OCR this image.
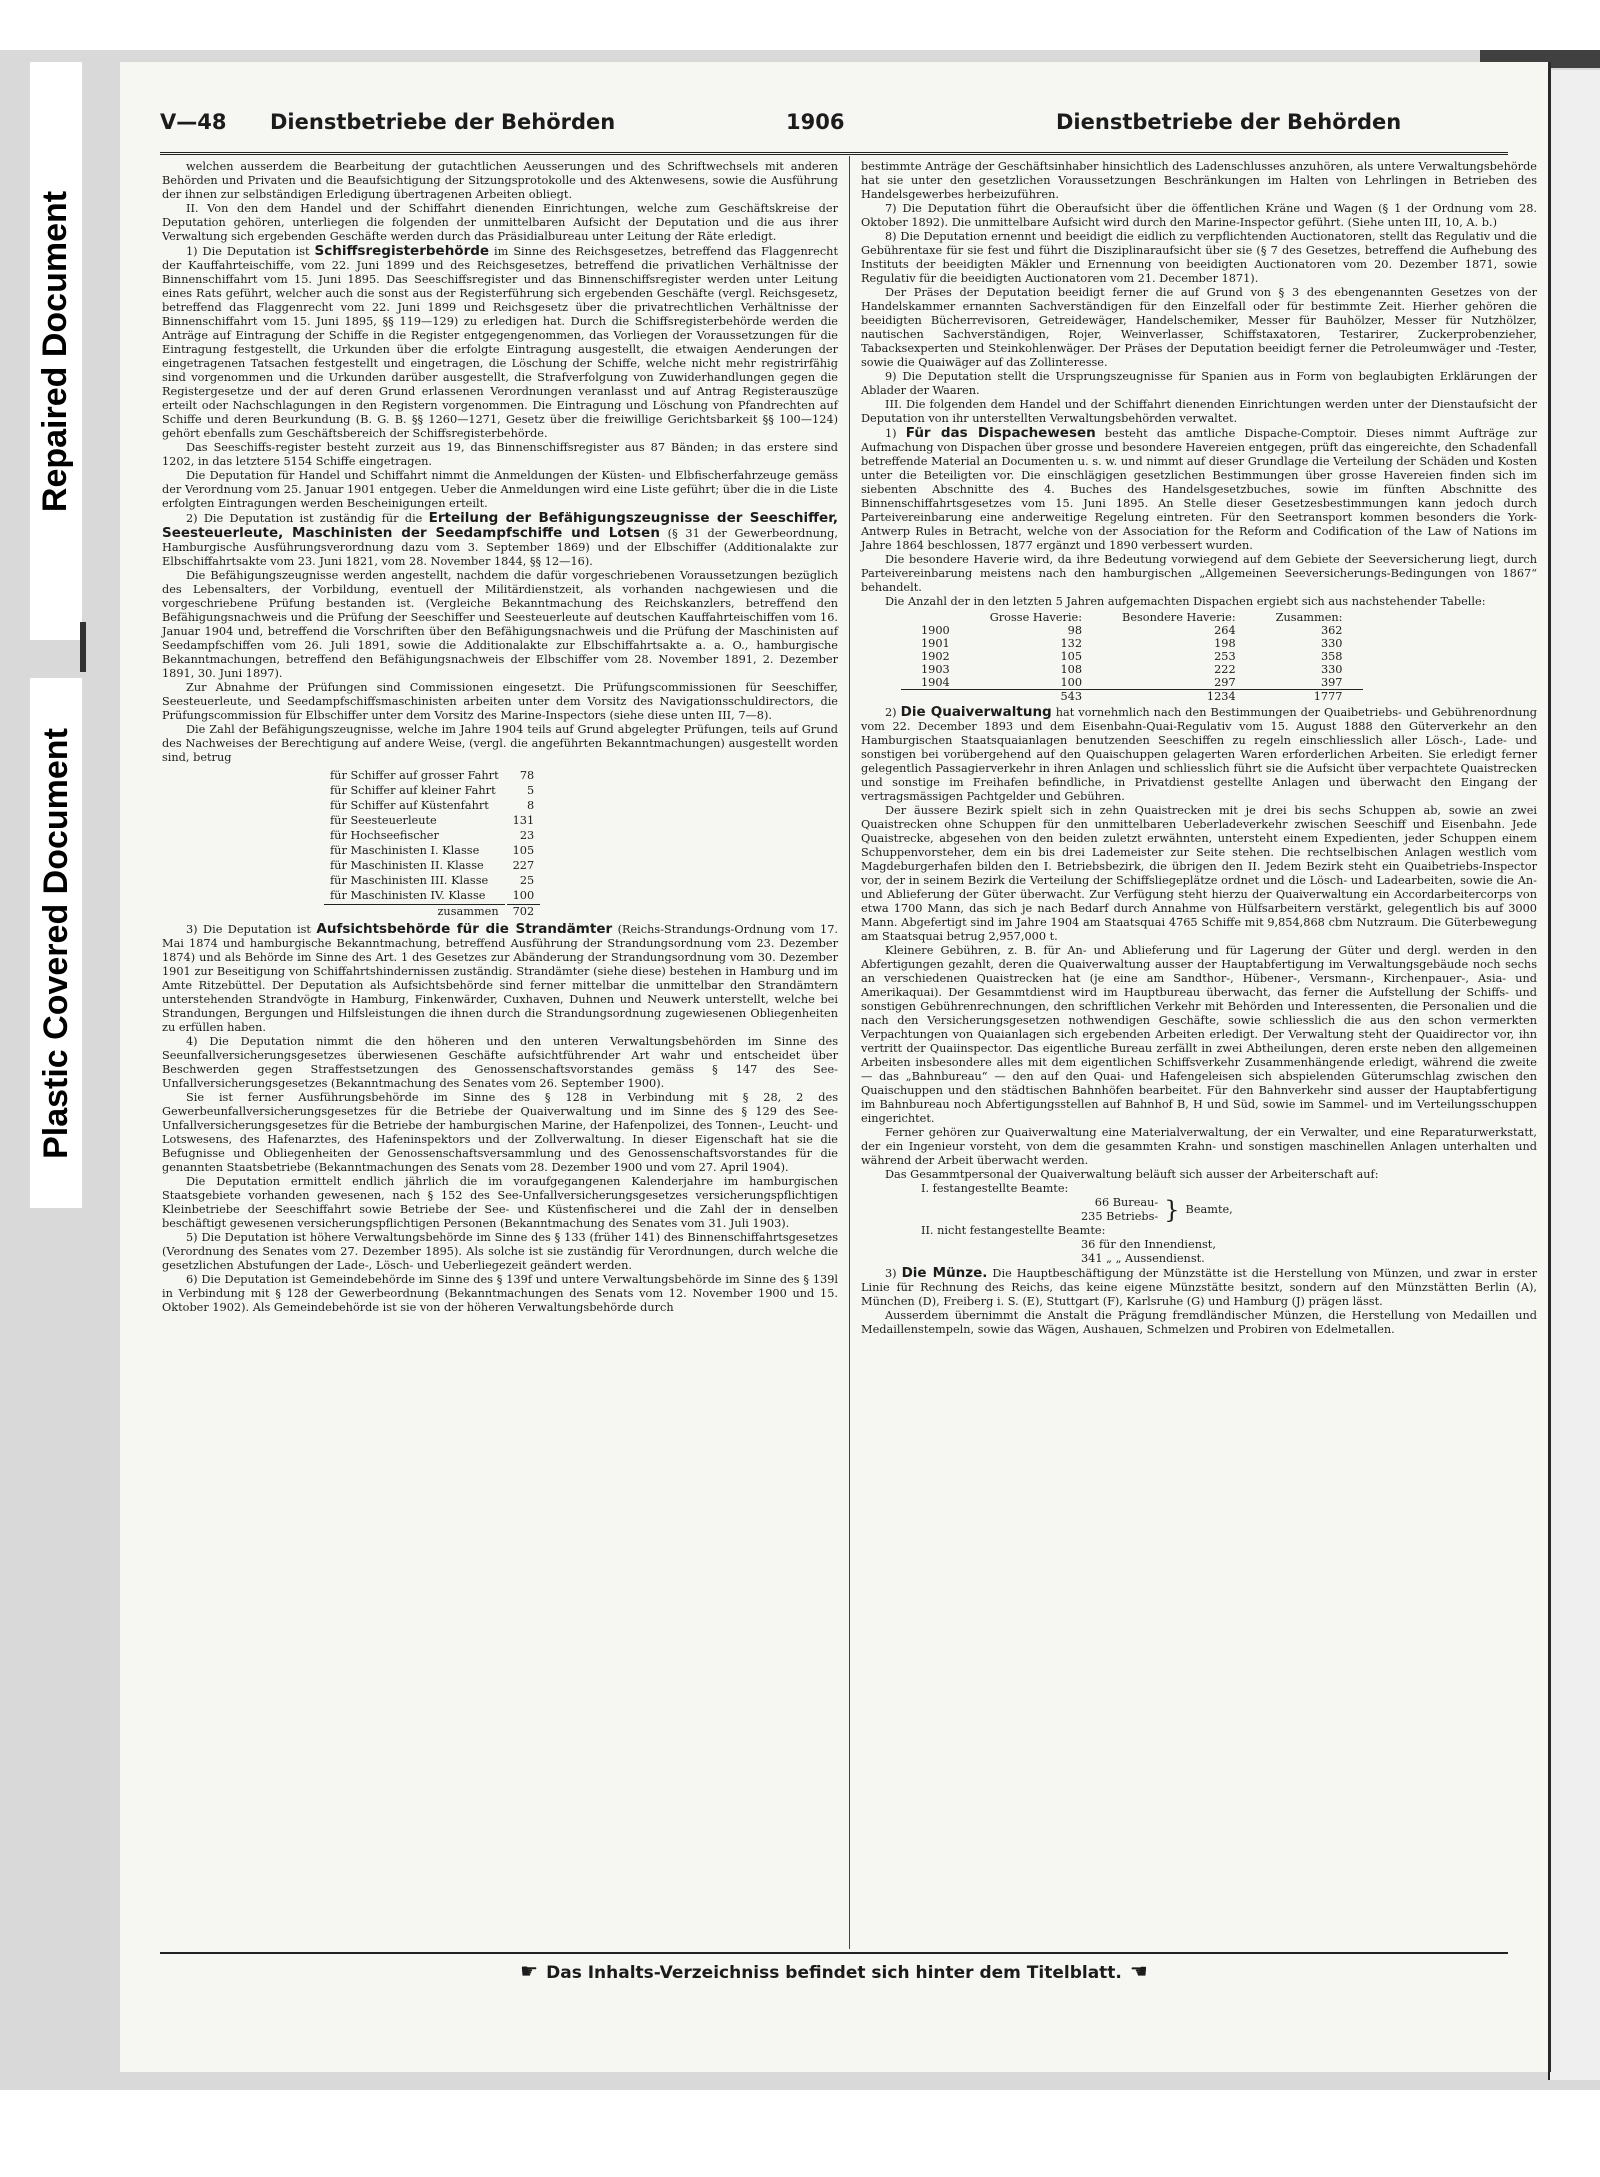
Repaired Document
Plastic Covered Document
V—48 Dienstbetriebe der Behörden	1906	Dienstbetriebe der Behörden

welchen ausserdem die Bearbeitung der gutachtlichen Aeusserungen und des Schriftwechsels mit anderen Behörden und Privaten und die Beaufsichtigung der Sitzungsprotokolle und des Aktenwesens, sowie die Ausführung der ihnen zur selbständigen Erledigung übertragenen Arbeiten obliegt.

II. Von den dem Handel und der Schiffahrt dienenden Einrichtungen, welche zum Geschäftskreise der Deputation gehören, unterliegen die folgenden der unmittelbaren Aufsicht der Deputation und die aus ihrer Verwaltung sich ergebenden Geschäfte werden durch das Präsidialbureau unter Leitung der Räte erledigt.

1) Die Deputation ist Schiffsregisterbehörde im Sinne des Reichsgesetzes, betreffend das Flaggenrecht der Kauffahrteischiffe, vom 22. Juni 1899 und des Reichsgesetzes, betreffend die privatlichen Verhältnisse der Binnenschiffahrt vom 15. Juni 1895. Das Seeschiffsregister und das Binnenschiffsregister werden unter Leitung eines Rats geführt, welcher auch die sonst aus der Registerführung sich ergebenden Geschäfte (vergl. Reichsgesetz, betreffend das Flaggenrecht vom 22. Juni 1899 und Reichsgesetz über die privatrechtlichen Verhältnisse der Binnenschiffahrt vom 15. Juni 1895, §§ 119—129) zu erledigen hat. Durch die Schiffsregisterbehörde werden die Anträge auf Eintragung der Schiffe in die Register entgegengenommen, das Vorliegen der Voraussetzungen für die Eintragung festgestellt, die Urkunden über die erfolgte Eintragung ausgestellt, die etwaigen Aenderungen der eingetragenen Tatsachen festgestellt und eingetragen, die Löschung der Schiffe, welche nicht mehr registrirfähig sind vorgenommen und die Urkunden darüber ausgestellt, die Strafverfolgung von Zuwiderhandlungen gegen die Registergesetze und der auf deren Grund erlassenen Verordnungen veranlasst und auf Antrag Registerauszüge erteilt oder Nachschlagungen in den Registern vorgenommen. Die Eintragung und Löschung von Pfandrechten auf Schiffe und deren Beurkundung (B. G. B. §§ 1260—1271, Gesetz über die freiwillige Gerichtsbarkeit §§ 100—124) gehört ebenfalls zum Geschäftsbereich der Schiffsregisterbehörde.

Das Seeschiffs-register besteht zurzeit aus 19, das Binnenschiffsregister aus 87 Bänden; in das erstere sind 1202, in das letztere 5154 Schiffe eingetragen.

Die Deputation für Handel und Schiffahrt nimmt die Anmeldungen der Küsten- und Elbfischerfahrzeuge gemäss der Verordnung vom 25. Januar 1901 entgegen. Ueber die Anmeldungen wird eine Liste geführt; über die in die Liste erfolgten Eintragungen werden Bescheinigungen erteilt.

2) Die Deputation ist zuständig für die Erteilung der Befähigungszeugnisse der Seeschiffer, Seesteuerleute, Maschinisten der Seedampfschiffe und Lotsen (§ 31 der Gewerbeordnung, Hamburgische Ausführungsverordnung dazu vom 3. September 1869) und der Elbschiffer (Additionalakte zur Elbschiffahrtsakte vom 23. Juni 1821, vom 28. November 1844, §§ 12—16).

Die Befähigungszeugnisse werden angestellt, nachdem die dafür vorgeschriebenen Voraussetzungen bezüglich des Lebensalters, der Vorbildung, eventuell der Militärdienstzeit, als vorhanden nachgewiesen und die vorgeschriebene Prüfung bestanden ist. (Vergleiche Bekanntmachung des Reichskanzlers, betreffend den Befähigungsnachweis und die Prüfung der Seeschiffer und Seesteuerleute auf deutschen Kauffahrteischiffen vom 16. Januar 1904 und, betreffend die Vorschriften über den Befähigungsnachweis und die Prüfung der Maschinisten auf Seedampfschiffen vom 26. Juli 1891, sowie die Additionalakte zur Elbschiffahrtsakte a. a. O., hamburgische Bekanntmachungen, betreffend den Befähigungsnachweis der Elbschiffer vom 28. November 1891, 2. Dezember 1891, 30. Juni 1897).

Zur Abnahme der Prüfungen sind Commissionen eingesetzt. Die Prüfungscommissionen für Seeschiffer, Seesteuerleute, und Seedampfschiffsmaschinisten arbeiten unter dem Vorsitz des Navigationsschuldirectors, die Prüfungscommission für Elbschiffer unter dem Vorsitz des Marine-Inspectors (siehe diese unten III, 7—8).

Die Zahl der Befähigungszeugnisse, welche im Jahre 1904 teils auf Grund abgelegter Prüfungen, teils auf Grund des Nachweises der Berechtigung auf andere Weise, (vergl. die angeführten Bekanntmachungen) ausgestellt worden sind, betrug

für Schiffer auf grosser Fahrt	78
für Schiffer auf kleiner Fahrt	5
für Schiffer auf Küstenfahrt	8
für Seesteuerleute	131
für Hochseefischer	23
für Maschinisten I. Klasse	105
für Maschinisten II. Klasse	227
für Maschinisten III. Klasse	25
für Maschinisten IV. Klasse	100
zusammen	702

3) Die Deputation ist Aufsichtsbehörde für die Strandämter (Reichs-Strandungs-Ordnung vom 17. Mai 1874 und hamburgische Bekanntmachung, betreffend Ausführung der Strandungsordnung vom 23. Dezember 1874) und als Behörde im Sinne des Art. 1 des Gesetzes zur Abänderung der Strandungsordnung vom 30. Dezember 1901 zur Beseitigung von Schiffahrtshindernissen zuständig. Strandämter (siehe diese) bestehen in Hamburg und im Amte Ritzebüttel. Der Deputation als Aufsichtsbehörde sind ferner mittelbar die unmittelbar den Strandämtern unterstehenden Strandvögte in Hamburg, Finkenwärder, Cuxhaven, Duhnen und Neuwerk unterstellt, welche bei Strandungen, Bergungen und Hilfsleistungen die ihnen durch die Strandungsordnung zugewiesenen Obliegenheiten zu erfüllen haben.

4) Die Deputation nimmt die den höheren und den unteren Verwaltungsbehörden im Sinne des Seeunfallversicherungsgesetzes überwiesenen Geschäfte aufsichtführender Art wahr und entscheidet über Beschwerden gegen Straffestsetzungen des Genossenschaftsvorstandes gemäss § 147 des See-Unfallversicherungsgesetzes (Bekanntmachung des Senates vom 26. September 1900).

Sie ist ferner Ausführungsbehörde im Sinne des § 128 in Verbindung mit § 28, 2 des Gewerbeunfallversicherungsgesetzes für die Betriebe der Quaiverwaltung und im Sinne des § 129 des See-Unfallversicherungsgesetzes für die Betriebe der hamburgischen Marine, der Hafenpolizei, des Tonnen-, Leucht- und Lotswesens, des Hafenarztes, des Hafeninspektors und der Zollverwaltung. In dieser Eigenschaft hat sie die Befugnisse und Obliegenheiten der Genossenschaftsversammlung und des Genossenschaftsvorstandes für die genannten Staatsbetriebe (Bekanntmachungen des Senats vom 28. Dezember 1900 und vom 27. April 1904).

Die Deputation ermittelt endlich jährlich die im voraufgegangenen Kalenderjahre im hamburgischen Staatsgebiete vorhanden gewesenen, nach § 152 des See-Unfallversicherungsgesetzes versicherungspflichtigen Kleinbetriebe der Seeschiffahrt sowie Betriebe der See- und Küstenfischerei und die Zahl der in denselben beschäftigt gewesenen versicherungspflichtigen Personen (Bekanntmachung des Senates vom 31. Juli 1903).

5) Die Deputation ist höhere Verwaltungsbehörde im Sinne des § 133 (früher 141) des Binnenschiffahrtsgesetzes (Verordnung des Senates vom 27. Dezember 1895). Als solche ist sie zuständig für Verordnungen, durch welche die gesetzlichen Abstufungen der Lade-, Lösch- und Ueberliegezeit geändert werden.

6) Die Deputation ist Gemeindebehörde im Sinne des § 139f und untere Verwaltungsbehörde im Sinne des § 139l in Verbindung mit § 128 der Gewerbeordnung (Bekanntmachungen des Senats vom 12. November 1900 und 15. Oktober 1902). Als Gemeindebehörde ist sie von der höheren Verwaltungsbehörde durch

bestimmte Anträge der Geschäftsinhaber hinsichtlich des Ladenschlusses anzuhören, als untere Verwaltungsbehörde hat sie unter den gesetzlichen Voraussetzungen Beschränkungen im Halten von Lehrlingen in Betrieben des Handelsgewerbes herbeizuführen.

7) Die Deputation führt die Oberaufsicht über die öffentlichen Kräne und Wagen (§ 1 der Ordnung vom 28. Oktober 1892). Die unmittelbare Aufsicht wird durch den Marine-Inspector geführt. (Siehe unten III, 10, A. b.)

8) Die Deputation ernennt und beeidigt die eidlich zu verpflichtenden Auctionatoren, stellt das Regulativ und die Gebührentaxe für sie fest und führt die Disziplinaraufsicht über sie (§ 7 des Gesetzes, betreffend die Aufhebung des Instituts der beeidigten Mäkler und Ernennung von beeidigten Auctionatoren vom 20. Dezember 1871, sowie Regulativ für die beeidigten Auctionatoren vom 21. December 1871).

Der Präses der Deputation beeidigt ferner die auf Grund von § 3 des ebengenannten Gesetzes von der Handelskammer ernannten Sachverständigen für den Einzelfall oder für bestimmte Zeit. Hierher gehören die beeidigten Bücherrevisoren, Getreidewäger, Handelschemiker, Messer für Bauhölzer, Messer für Nutzhölzer, nautischen Sachverständigen, Rojer, Weinverlasser, Schiffstaxatoren, Testarirer, Zuckerprobenzieher, Tabacksexperten und Steinkohlenwäger. Der Präses der Deputation beeidigt ferner die Petroleumwäger und -Tester, sowie die Quaiwäger auf das Zollinteresse.

9) Die Deputation stellt die Ursprungszeugnisse für Spanien aus in Form von beglaubigten Erklärungen der Ablader der Waaren.

III. Die folgenden dem Handel und der Schiffahrt dienenden Einrichtungen werden unter der Dienstaufsicht der Deputation von ihr unterstellten Verwaltungsbehörden verwaltet.

1) Für das Dispachewesen besteht das amtliche Dispache-Comptoir. Dieses nimmt Aufträge zur Aufmachung von Dispachen über grosse und besondere Havereien entgegen, prüft das eingereichte, den Schadenfall betreffende Material an Documenten u. s. w. und nimmt auf dieser Grundlage die Verteilung der Schäden und Kosten unter die Beteiligten vor. Die einschlägigen gesetzlichen Bestimmungen über grosse Havereien finden sich im siebenten Abschnitte des 4. Buches des Handelsgesetzbuches, sowie im fünften Abschnitte des Binnenschiffahrtsgesetzes vom 15. Juni 1895. An Stelle dieser Gesetzesbestimmungen kann jedoch durch Parteivereinbarung eine anderweitige Regelung eintreten. Für den Seetransport kommen besonders die York-Antwerp Rules in Betracht, welche von der Association for the Reform and Codification of the Law of Nations im Jahre 1864 beschlossen, 1877 ergänzt und 1890 verbessert wurden.

Die besondere Haverie wird, da ihre Bedeutung vorwiegend auf dem Gebiete der Seeversicherung liegt, durch Parteivereinbarung meistens nach den hamburgischen „Allgemeinen Seeversicherungs-Bedingungen von 1867“ behandelt.

Die Anzahl der in den letzten 5 Jahren aufgemachten Dispachen ergiebt sich aus nachstehender Tabelle:

	Grosse Haverie:	Besondere Haverie:	Zusammen:
1900	98	264	362
1901	132	198	330
1902	105	253	358
1903	108	222	330
1904	100	297	397
	543	1234	1777

2) Die Quaiverwaltung hat vornehmlich nach den Bestimmungen der Quaibetriebs- und Gebührenordnung vom 22. December 1893 und dem Eisenbahn-Quai-Regulativ vom 15. August 1888 den Güterverkehr an den Hamburgischen Staatsquaianlagen benutzenden Seeschiffen zu regeln einschliesslich aller Lösch-, Lade- und sonstigen bei vorübergehend auf den Quaischuppen gelagerten Waren erforderlichen Arbeiten. Sie erledigt ferner gelegentlich Passagierverkehr in ihren Anlagen und schliesslich führt sie die Aufsicht über verpachtete Quaistrecken und sonstige im Freihafen befindliche, in Privatdienst gestellte Anlagen und überwacht den Eingang der vertragsmässigen Pachtgelder und Gebühren.

Der äussere Bezirk spielt sich in zehn Quaistrecken mit je drei bis sechs Schuppen ab, sowie an zwei Quaistrecken ohne Schuppen für den unmittelbaren Ueberladeverkehr zwischen Seeschiff und Eisenbahn. Jede Quaistrecke, abgesehen von den beiden zuletzt erwähnten, untersteht einem Expedienten, jeder Schuppen einem Schuppenvorsteher, dem ein bis drei Lademeister zur Seite stehen. Die rechtselbischen Anlagen westlich vom Magdeburgerhafen bilden den I. Betriebsbezirk, die übrigen den II. Jedem Bezirk steht ein Quaibetriebs-Inspector vor, der in seinem Bezirk die Verteilung der Schiffsliegeplätze ordnet und die Lösch- und Ladearbeiten, sowie die An- und Ablieferung der Güter überwacht. Zur Verfügung steht hierzu der Quaiverwaltung ein Accordarbeitercorps von etwa 1700 Mann, das sich je nach Bedarf durch Annahme von Hülfsarbeitern verstärkt, gelegentlich bis auf 3000 Mann. Abgefertigt sind im Jahre 1904 am Staatsquai 4765 Schiffe mit 9,854,868 cbm Nutzraum. Die Güterbewegung am Staatsquai betrug 2,957,000 t.

Kleinere Gebühren, z. B. für An- und Ablieferung und für Lagerung der Güter und dergl. werden in den Abfertigungen gezahlt, deren die Quaiverwaltung ausser der Hauptabfertigung im Verwaltungsgebäude noch sechs an verschiedenen Quaistrecken hat (je eine am Sandthor-, Hübener-, Versmann-, Kirchenpauer-, Asia- und Amerikaquai). Der Gesammtdienst wird im Hauptbureau überwacht, das ferner die Aufstellung der Schiffs- und sonstigen Gebührenrechnungen, den schriftlichen Verkehr mit Behörden und Interessenten, die Personalien und die nach den Versicherungsgesetzen nothwendigen Geschäfte, sowie schliesslich die aus den schon vermerkten Verpachtungen von Quaianlagen sich ergebenden Arbeiten erledigt. Der Verwaltung steht der Quaidirector vor, ihn vertritt der Quaiinspector. Das eigentliche Bureau zerfällt in zwei Abtheilungen, deren erste neben den allgemeinen Arbeiten insbesondere alles mit dem eigentlichen Schiffsverkehr Zusammenhängende erledigt, während die zweite — das „Bahnbureau“ — den auf den Quai- und Hafengeleisen sich abspielenden Güterumschlag zwischen den Quaischuppen und den städtischen Bahnhöfen bearbeitet. Für den Bahnverkehr sind ausser der Hauptabfertigung im Bahnbureau noch Abfertigungsstellen auf Bahnhof B, H und Süd, sowie im Sammel- und im Verteilungsschuppen eingerichtet.

Ferner gehören zur Quaiverwaltung eine Materialverwaltung, der ein Verwalter, und eine Reparaturwerkstatt, der ein Ingenieur vorsteht, von dem die gesammten Krahn- und sonstigen maschinellen Anlagen unterhalten und während der Arbeit überwacht werden.

Das Gesammtpersonal der Quaiverwaltung beläuft sich ausser der Arbeiterschaft auf:

I. festangestellte Beamte:
66 Bureau-
235 Betriebs- } Beamte,
II. nicht festangestellte Beamte:
36 für den Innendienst,
341 „ „ Aussendienst.

3) Die Münze. Die Hauptbeschäftigung der Münzstätte ist die Herstellung von Münzen, und zwar in erster Linie für Rechnung des Reichs, das keine eigene Münzstätte besitzt, sondern auf den Münzstätten Berlin (A), München (D), Freiberg i. S. (E), Stuttgart (F), Karlsruhe (G) und Hamburg (J) prägen lässt.

Ausserdem übernimmt die Anstalt die Prägung fremdländischer Münzen, die Herstellung von Medaillen und Medaillenstempeln, sowie das Wägen, Aushauen, Schmelzen und Probiren von Edelmetallen.

☛ Das Inhalts-Verzeichniss befindet sich hinter dem Titelblatt. ☚
